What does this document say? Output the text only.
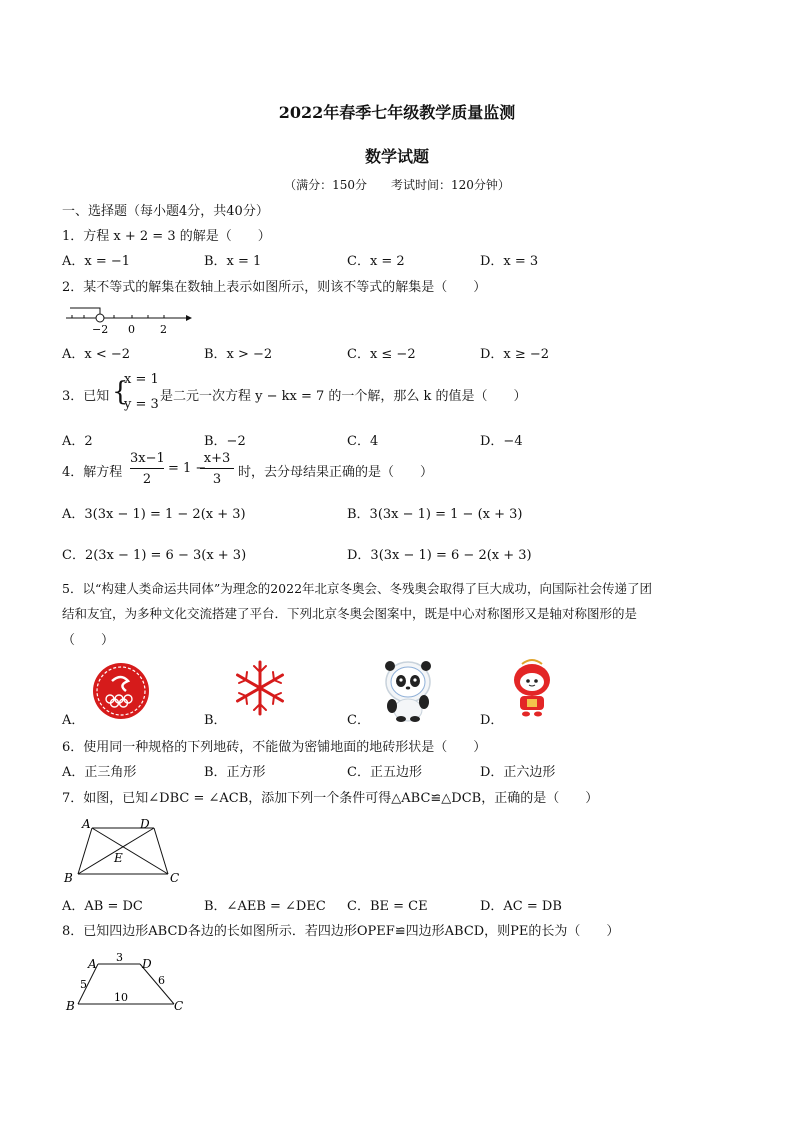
2022年春季七年级教学质量监测
数学试题
（满分：150分　　考试时间：120分钟）
一、选择题（每小题4分，共40分）
1．方程 x + 2 = 3 的解是（　　）
A．x = −1	B．x = 1	C．x = 2	D．x = 3
2．某不等式的解集在数轴上表示如图所示，则该不等式的解集是（　　）
−2 0 2
A．x < −2	B．x > −2	C．x ≤ −2	D．x ≥ −2
3．已知 {
x = 1
y = 3
是二元一次方程 y − kx = 7 的一个解，那么 k 的值是（　　）
A．2	B．−2	C．4	D．−4
4．解方程
3x−1
2
= 1 −
x+3
3	时，去分母结果正确的是（　　）
A．3(3x − 1) = 1 − 2(x + 3)	B．3(3x − 1) = 1 − (x + 3)
C．2(3x − 1) = 6 − 3(x + 3)	D．3(3x − 1) = 6 − 2(x + 3)
5．以“构建人类命运共同体”为理念的2022年北京冬奥会、冬残奥会取得了巨大成功，向国际社会传递了团
结和友宜，为多种文化交流搭建了平台．下列北京冬奥会图案中，既是中心对称图形又是轴对称图形的是
（　　）
A．	B．	C．	D．
6．使用同一种规格的下列地砖，不能做为密铺地面的地砖形状是（　　）
A．正三角形	B．正方形	C．正五边形	D．正六边形
7．如图，已知∠DBC = ∠ACB，添加下列一个条件可得△ABC≌△DCB，正确的是（　　）
A	D
E
B	C
A．AB = DC	B．∠AEB = ∠DEC C．BE = CE	D．AC = DB
8．已知四边形ABCD各边的长如图所示．若四边形OPEF≌四边形ABCD，则PE的长为（　　）
A	D
B	C
3
5	6
10
